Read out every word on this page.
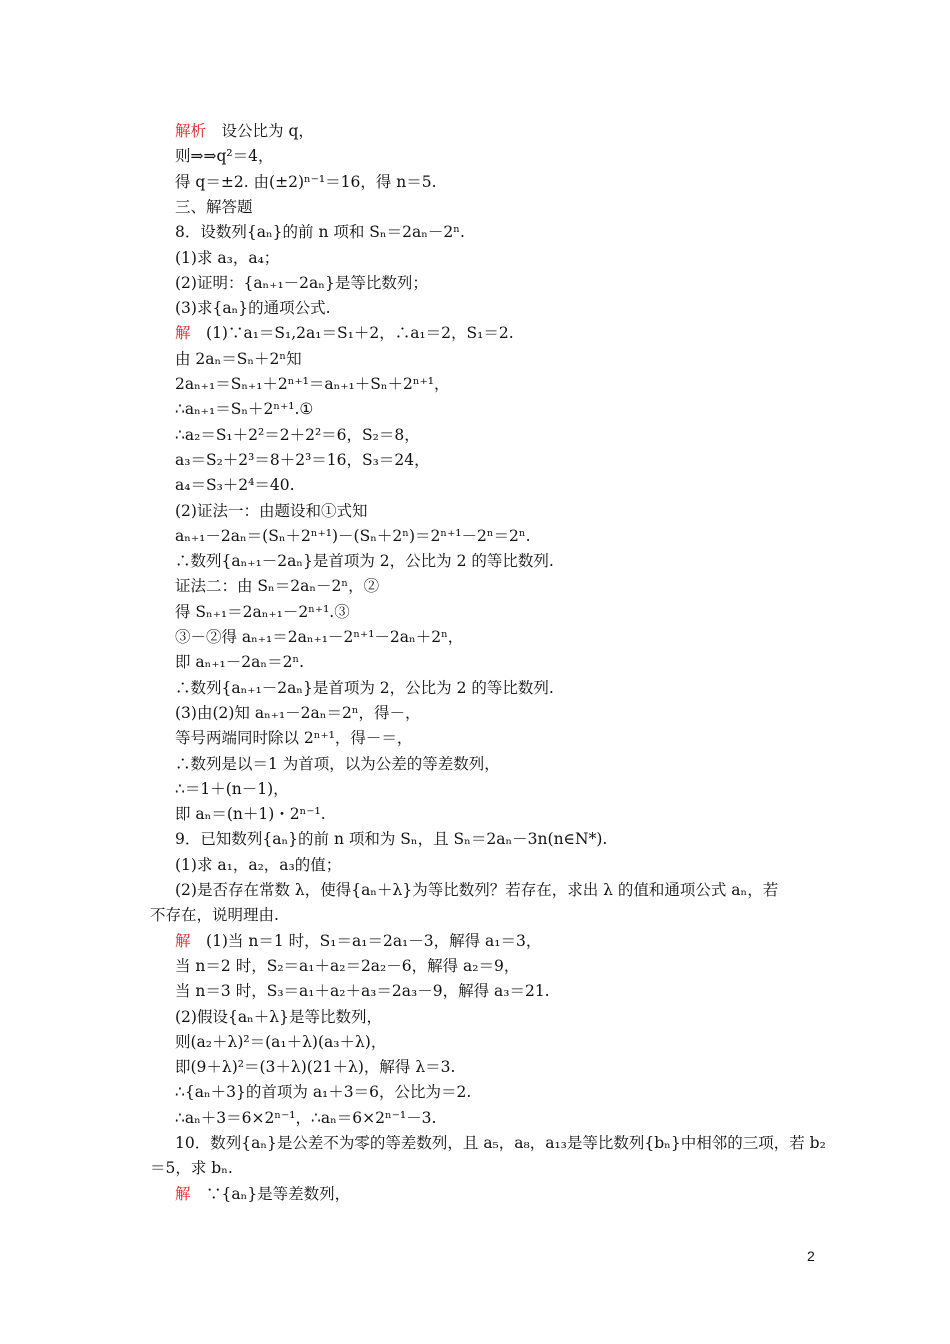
解析　设公比为 q，
则⇒⇒q²＝4，
得 q＝±2. 由(±2)ⁿ⁻¹＝16，得 n＝5.
三、解答题
8．设数列{aₙ}的前 n 项和 Sₙ＝2aₙ－2ⁿ.
(1)求 a₃，a₄；
(2)证明：{aₙ₊₁－2aₙ}是等比数列；
(3)求{aₙ}的通项公式.
解　(1)∵a₁＝S₁,2a₁＝S₁＋2，∴a₁＝2，S₁＝2.
由 2aₙ＝Sₙ＋2ⁿ知
2aₙ₊₁＝Sₙ₊₁＋2ⁿ⁺¹＝aₙ₊₁＋Sₙ＋2ⁿ⁺¹，
∴aₙ₊₁＝Sₙ＋2ⁿ⁺¹.①
∴a₂＝S₁＋2²＝2＋2²＝6，S₂＝8，
a₃＝S₂＋2³＝8＋2³＝16，S₃＝24，
a₄＝S₃＋2⁴＝40.
(2)证法一：由题设和①式知
aₙ₊₁－2aₙ＝(Sₙ＋2ⁿ⁺¹)－(Sₙ＋2ⁿ)＝2ⁿ⁺¹－2ⁿ＝2ⁿ.
∴数列{aₙ₊₁－2aₙ}是首项为 2，公比为 2 的等比数列.
证法二：由 Sₙ＝2aₙ－2ⁿ，②
得 Sₙ₊₁＝2aₙ₊₁－2ⁿ⁺¹.③
③－②得 aₙ₊₁＝2aₙ₊₁－2ⁿ⁺¹－2aₙ＋2ⁿ，
即 aₙ₊₁－2aₙ＝2ⁿ.
∴数列{aₙ₊₁－2aₙ}是首项为 2，公比为 2 的等比数列.
(3)由(2)知 aₙ₊₁－2aₙ＝2ⁿ，得－，
等号两端同时除以 2ⁿ⁺¹，得－＝，
∴数列是以＝1 为首项，以为公差的等差数列，
∴＝1＋(n－1)，
即 aₙ＝(n＋1)・2ⁿ⁻¹.
9．已知数列{aₙ}的前 n 项和为 Sₙ，且 Sₙ＝2aₙ－3n(n∈N*).
(1)求 a₁，a₂，a₃的值；
(2)是否存在常数 λ，使得{aₙ＋λ}为等比数列？若存在，求出 λ 的值和通项公式 aₙ，若
不存在，说明理由.
解　(1)当 n＝1 时，S₁＝a₁＝2a₁－3，解得 a₁＝3，
当 n＝2 时，S₂＝a₁＋a₂＝2a₂－6，解得 a₂＝9，
当 n＝3 时，S₃＝a₁＋a₂＋a₃＝2a₃－9，解得 a₃＝21.
(2)假设{aₙ＋λ}是等比数列，
则(a₂＋λ)²＝(a₁＋λ)(a₃＋λ)，
即(9＋λ)²＝(3＋λ)(21＋λ)，解得 λ＝3.
∴{aₙ＋3}的首项为 a₁＋3＝6，公比为＝2.
∴aₙ＋3＝6×2ⁿ⁻¹，∴aₙ＝6×2ⁿ⁻¹－3.
10．数列{aₙ}是公差不为零的等差数列，且 a₅，a₈，a₁₃是等比数列{bₙ}中相邻的三项，若 b₂
＝5，求 bₙ.
解　∵{aₙ}是等差数列，
2
